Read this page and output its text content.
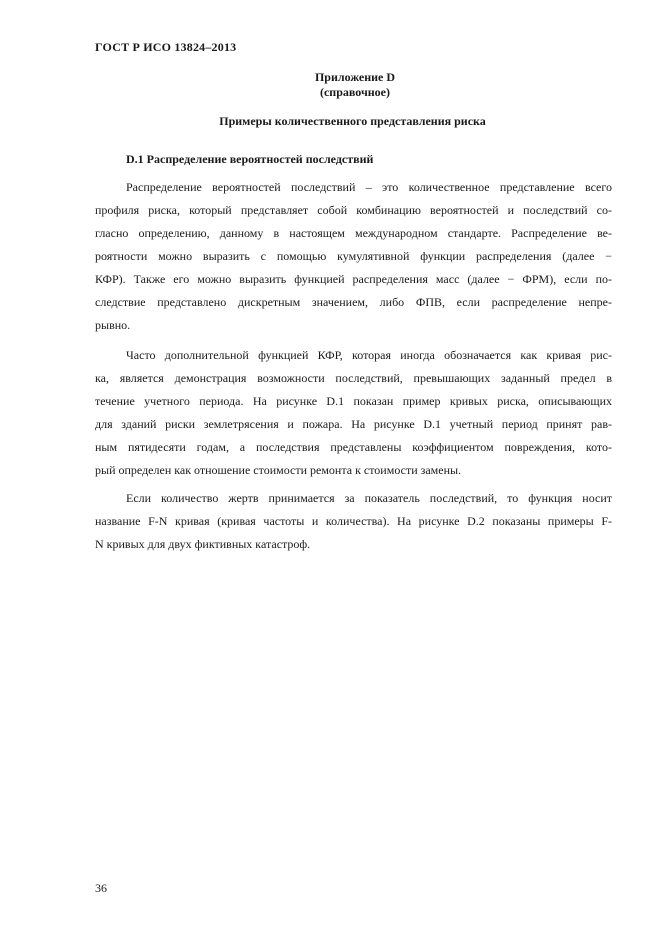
ГОСТ Р ИСО 13824–2013
Приложение D
(справочное)
Примеры количественного представления риска
D.1 Распределение вероятностей последствий
Распределение вероятностей последствий – это количественное представление всего
профиля риска, который представляет собой комбинацию вероятностей и последствий со-
гласно определению, данному в настоящем международном стандарте. Распределение ве-
роятности можно выразить с помощью кумулятивной функции распределения (далее −
КФР). Также его можно выразить функцией распределения масс (далее − ФРМ), если по-
следствие представлено дискретным значением, либо ФПВ, если распределение непре-
рывно.
Часто дополнительной функцией КФР, которая иногда обозначается как кривая рис-
ка, является демонстрация возможности последствий, превышающих заданный предел в
течение учетного периода. На рисунке D.1 показан пример кривых риска, описывающих
для зданий риски землетрясения и пожара. На рисунке D.1 учетный период принят рав-
ным пятидесяти годам, а последствия представлены коэффициентом повреждения, кото-
рый определен как отношение стоимости ремонта к стоимости замены.
Если количество жертв принимается за показатель последствий, то функция носит
название F-N кривая (кривая частоты и количества). На рисунке D.2 показаны примеры F-
N кривых для двух фиктивных катастроф.
36
